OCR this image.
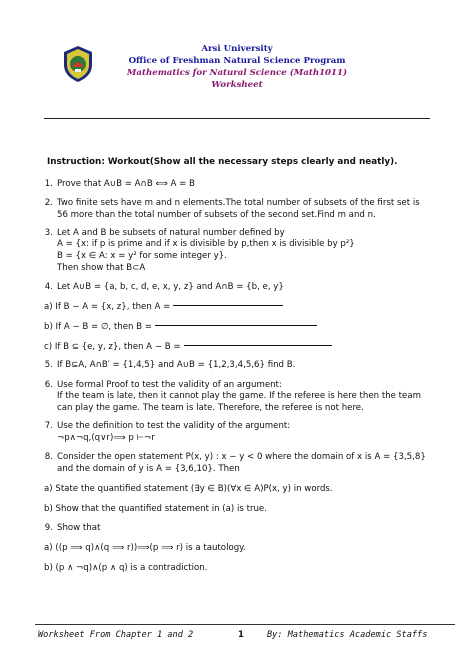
Arsi University
Office of Freshman Natural Science Program
Mathematics for Natural Science (Math1011)
Worksheet
Instruction: Workout(Show all the necessary steps clearly and neatly).
1. Prove that A∪B = A∩B ⟺ A = B
2. Two finite sets have m and n elements.The total number of subsets of the first set is
56 more than the total number of subsets of the second set.Find m and n.
3. Let A and B be subsets of natural number defined by
A = {x: if p is prime and if x is divisible by p,then x is divisible by p²}
B = {x ∈ A: x = y² for some integer y}.
Then show that B⊂A
4. Let A∪B = {a, b, c, d, e, x, y, z} and A∩B = {b, e, y}
a) If B − A = {x, z}, then A =
b) If A − B = ∅, then B =
c) If B ⊆ {e, y, z}, then A − B =
5. If B⊆A, A∩B′ = {1,4,5} and A∪B = {1,2,3,4,5,6} find B.
6. Use formal Proof to test the validity of an argument:
If the team is late, then it cannot play the game. If the referee is here then the team
can play the game. The team is late. Therefore, the referee is not here.
7. Use the definition to test the validity of the argument:
¬p∧¬q,(q∨r)⟹ p ⊢¬r
8. Consider the open statement P(x, y) : x − y < 0 where the domain of x is A = {3,5,8}
and the domain of y is A = {3,6,10}. Then
a) State the quantified statement (∃y ∈ B)(∀x ∈ A)P(x, y) in words.
b) Show that the quantified statement in (a) is true.
9. Show that
a) ((p ⟹ q)∧(q ⟹ r))⟹(p ⟹ r) is a tautology.
b) (p ∧ ¬q)∧(p ∧ q) is a contradiction.
Worksheet From Chapter 1 and 2	1	By: Mathematics Academic Staffs
